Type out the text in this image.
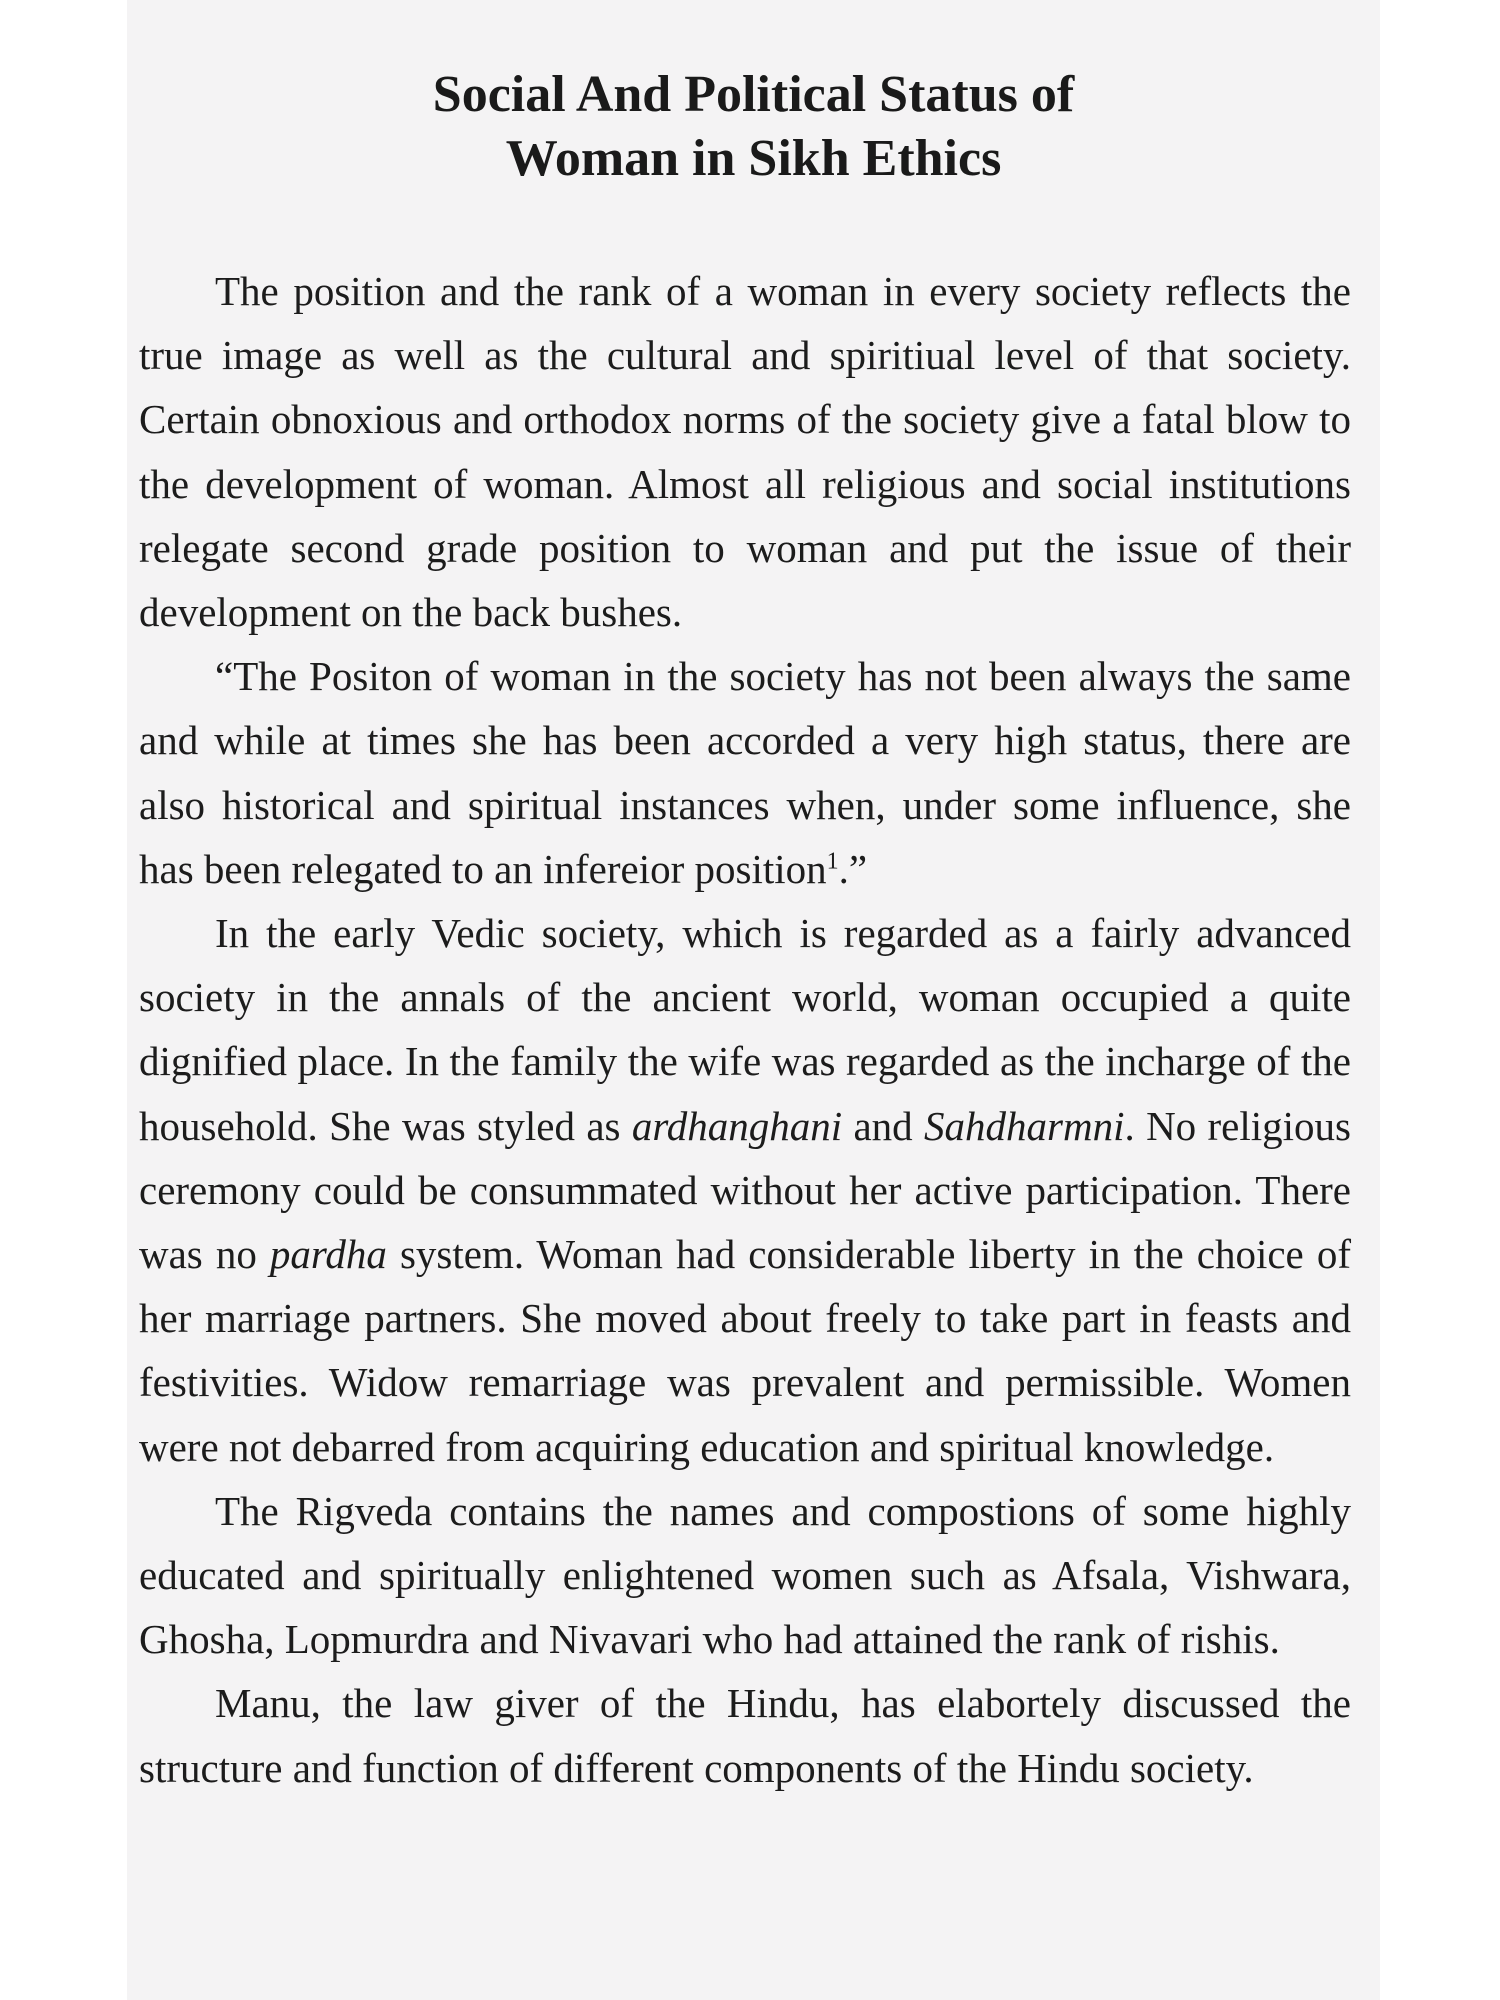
Social And Political Status of
Woman in Sikh Ethics

The position and the rank of a woman in every society reflects the true image as well as the cultural and spiritiual level of that society. Certain obnoxious and orthodox norms of the society give a fatal blow to the development of woman. Almost all religious and social institutions relegate second grade position to woman and put the issue of their development on the back bushes.

“The Positon of woman in the society has not been always the same and while at times she has been accorded a very high status, there are also historical and spiritual instances when, under some influence, she has been relegated to an infereior position$^1$.”

In the early Vedic society, which is regarded as a fairly advanced society in the annals of the ancient world, woman occupied a quite dignified place. In the family the wife was regarded as the incharge of the household. She was styled as ardhanghani and Sahdharmni. No religious ceremony could be consummated without her active participation. There was no pardha system. Woman had considerable liberty in the choice of her marriage partners. She moved about freely to take part in feasts and festivities. Widow remarriage was prevalent and permissible. Women were not debarred from acquiring education and spiritual knowledge.

The Rigveda contains the names and compostions of some highly educated and spiritually enlightened women such as Afsala, Vishwara, Ghosha, Lopmurdra and Nivavari who had attained the rank of rishis.

Manu, the law giver of the Hindu, has elabortely discussed the structure and function of different components of the Hindu society.
